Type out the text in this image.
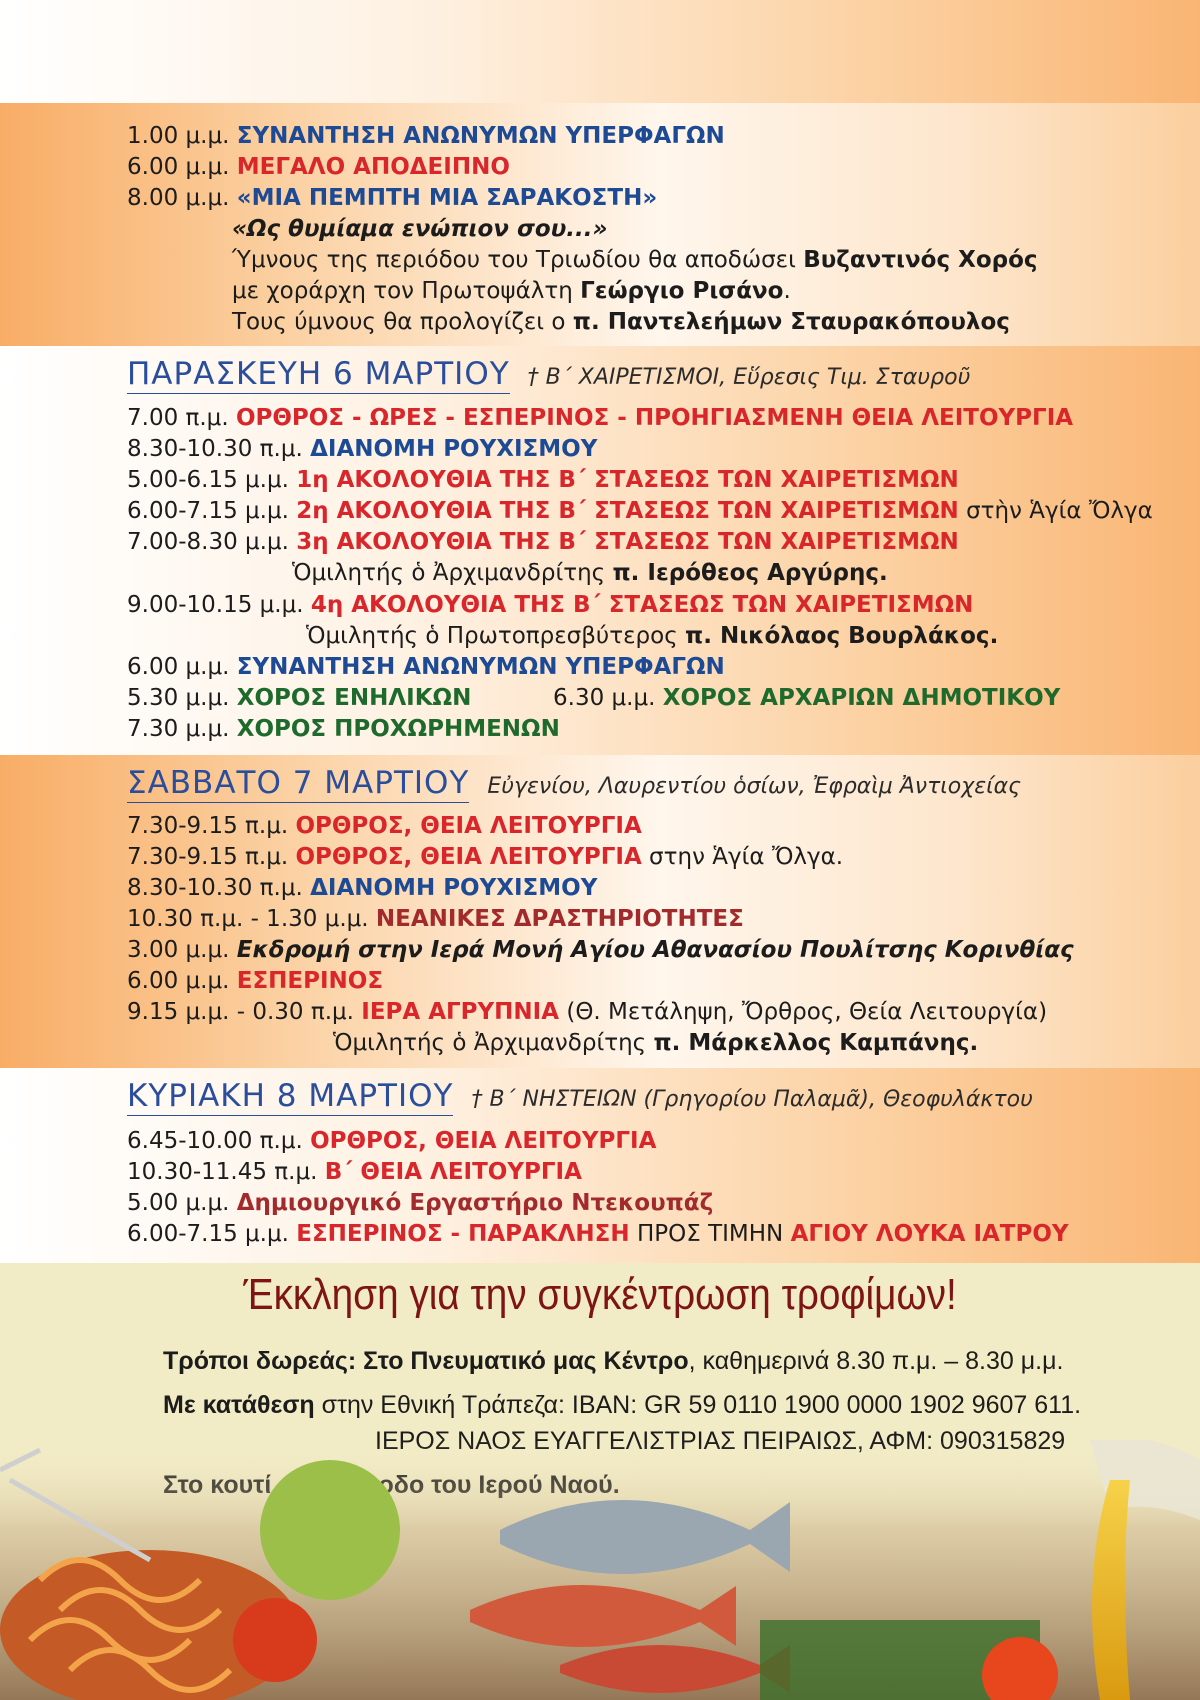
1.00 μ.μ. ΣΥΝΑΝΤΗΣΗ ΑΝΩΝΥΜΩΝ ΥΠΕΡΦΑΓΩΝ
6.00 μ.μ. ΜΕΓΑΛΟ ΑΠΟΔΕΙΠΝΟ
8.00 μ.μ. «ΜΙΑ ΠΕΜΠΤΗ ΜΙΑ ΣΑΡΑΚΟΣΤΗ»
«Ως θυμίαμα ενώπιον σου...»
Ύμνους της περιόδου του Τριωδίου θα αποδώσει Βυζαντινός Χορός
με χοράρχη τον Πρωτοψάλτη Γεώργιο Ρισάνο.
Τους ύμνους θα προλογίζει ο π. Παντελεήμων Σταυρακόπουλος
ΠΑΡΑΣΚΕΥΗ 6 ΜΑΡΤΙΟΥ † Β΄ ΧΑΙΡΕΤΙΣΜΟΙ, Εὕρεσις Τιμ. Σταυροῦ
7.00 π.μ. ΟΡΘΡΟΣ - ΩΡΕΣ - ΕΣΠΕΡΙΝΟΣ - ΠΡΟΗΓΙΑΣΜΕΝΗ ΘΕΙΑ ΛΕΙΤΟΥΡΓΙΑ
8.30-10.30 π.μ. ΔΙΑΝΟΜΗ ΡΟΥΧΙΣΜΟΥ
5.00-6.15 μ.μ. 1η ΑΚΟΛΟΥΘΙΑ ΤΗΣ Β΄ ΣΤΑΣΕΩΣ ΤΩΝ ΧΑΙΡΕΤΙΣΜΩΝ
6.00-7.15 μ.μ. 2η ΑΚΟΛΟΥΘΙΑ ΤΗΣ Β΄ ΣΤΑΣΕΩΣ ΤΩΝ ΧΑΙΡΕΤΙΣΜΩΝ στὴν Ἁγία Ὄλγα
7.00-8.30 μ.μ. 3η ΑΚΟΛΟΥΘΙΑ ΤΗΣ Β΄ ΣΤΑΣΕΩΣ ΤΩΝ ΧΑΙΡΕΤΙΣΜΩΝ
Ὁμιλητής ὁ Ἀρχιμανδρίτης π. Ιερόθεος Αργύρης.
9.00-10.15 μ.μ. 4η ΑΚΟΛΟΥΘΙΑ ΤΗΣ Β΄ ΣΤΑΣΕΩΣ ΤΩΝ ΧΑΙΡΕΤΙΣΜΩΝ
Ὁμιλητής ὁ Πρωτοπρεσβύτερος π. Νικόλαος Βουρλάκος.
6.00 μ.μ. ΣΥΝΑΝΤΗΣΗ ΑΝΩΝΥΜΩΝ ΥΠΕΡΦΑΓΩΝ
5.30 μ.μ. ΧΟΡΟΣ ΕΝΗΛΙΚΩΝ	6.30 μ.μ. ΧΟΡΟΣ ΑΡΧΑΡΙΩΝ ΔΗΜΟΤΙΚΟΥ
7.30 μ.μ. ΧΟΡΟΣ ΠΡΟΧΩΡΗΜΕΝΩΝ
ΣΑΒΒΑΤΟ 7 ΜΑΡΤΙΟΥ Εὐγενίου, Λαυρεντίου ὁσίων, Ἐφραὶμ Ἀντιοχείας
7.30-9.15 π.μ. ΟΡΘΡΟΣ, ΘΕΙΑ ΛΕΙΤΟΥΡΓΙΑ
7.30-9.15 π.μ. ΟΡΘΡΟΣ, ΘΕΙΑ ΛΕΙΤΟΥΡΓΙΑ στην Ἁγία Ὄλγα.
8.30-10.30 π.μ. ΔΙΑΝΟΜΗ ΡΟΥΧΙΣΜΟΥ
10.30 π.μ. - 1.30 μ.μ. ΝΕΑΝΙΚΕΣ ΔΡΑΣΤΗΡΙΟΤΗΤΕΣ
3.00 μ.μ. Εκδρομή στην Ιερά Μονή Αγίου Αθανασίου Πουλίτσης Κορινθίας
6.00 μ.μ. ΕΣΠΕΡΙΝΟΣ
9.15 μ.μ. - 0.30 π.μ. ΙΕΡΑ ΑΓΡΥΠΝΙΑ (Θ. Μετάληψη, Ὄρθρος, Θεία Λειτουργία)
Ὁμιλητής ὁ Ἀρχιμανδρίτης π. Μάρκελλος Καμπάνης.
ΚΥΡΙΑΚΗ 8 ΜΑΡΤΙΟΥ † Β΄ ΝΗΣΤΕΙΩΝ (Γρηγορίου Παλαμᾶ), Θεοφυλάκτου
6.45-10.00 π.μ. ΟΡΘΡΟΣ, ΘΕΙΑ ΛΕΙΤΟΥΡΓΙΑ
10.30-11.45 π.μ. Β΄ ΘΕΙΑ ΛΕΙΤΟΥΡΓΙΑ
5.00 μ.μ. Δημιουργικό Εργαστήριο Ντεκουπάζ
6.00-7.15 μ.μ. ΕΣΠΕΡΙΝΟΣ - ΠΑΡΑΚΛΗΣΗ ΠΡΟΣ ΤΙΜΗΝ ΑΓΙΟΥ ΛΟΥΚΑ ΙΑΤΡΟΥ
Έκκληση για την συγκέντρωση τροφίμων!
Τρόποι δωρεάς: Στο Πνευματικό μας Κέντρο, καθημερινά 8.30 π.μ. – 8.30 μ.μ.
Με κατάθεση στην Εθνική Τράπεζα: IBAN: GR 59 0110 1900 0000 1902 9607 611.
